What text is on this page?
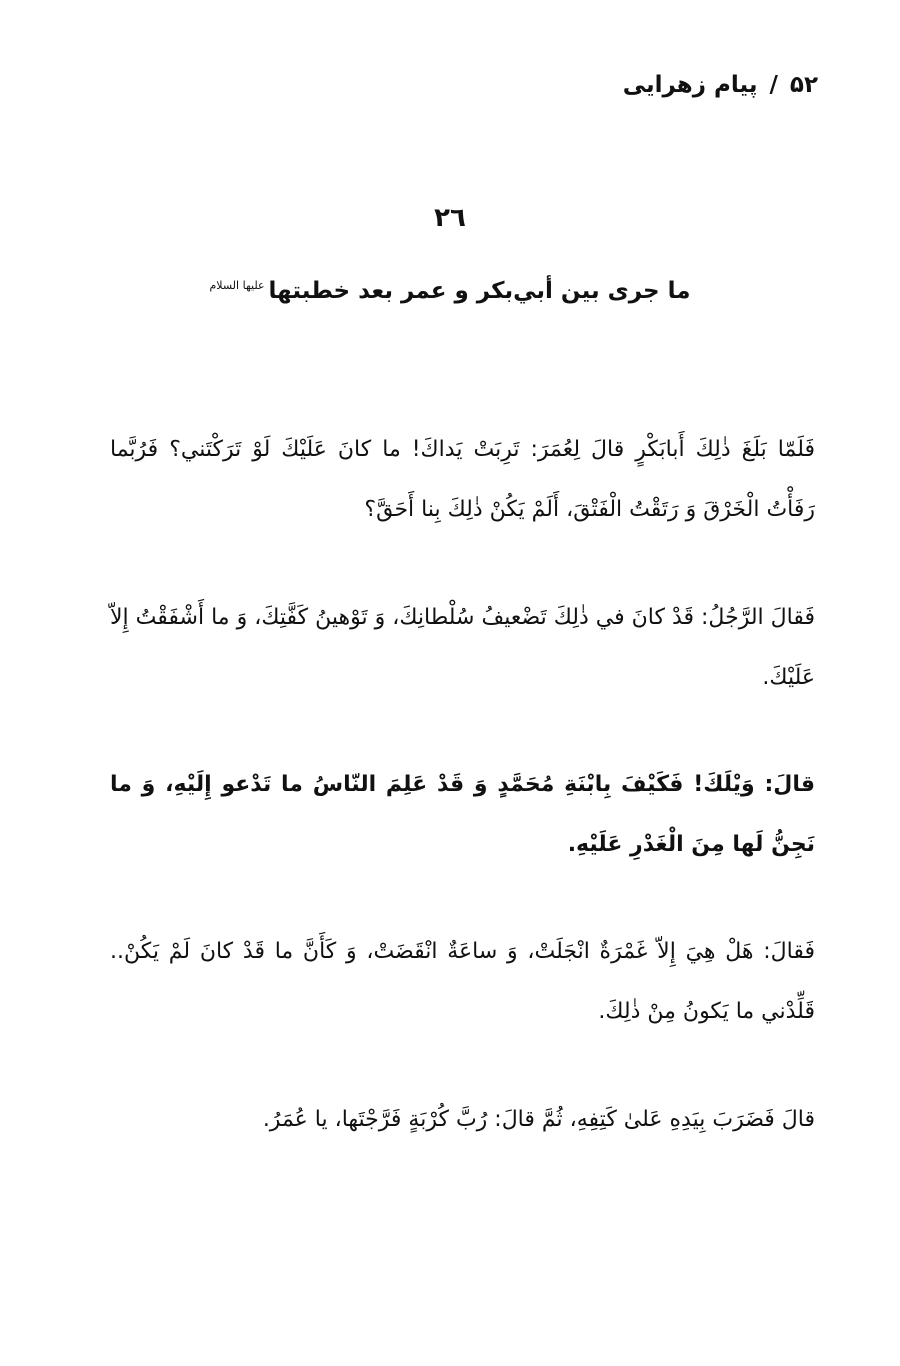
۵۲/پیام زهرایی
۲٦
ما جرى بين أبي‌بكر و عمر بعد خطبتها$^{عليها السلام}$

فَلَمّا بَلَغَ ذٰلِكَ أَبابَكْرٍ قالَ لِعُمَرَ: تَرِبَتْ يَداكَ! ما كانَ عَلَيْكَ لَوْ تَرَكْتَني؟ فَرُبَّما رَفَأْتُ الْخَرْقَ وَ رَتَقْتُ الْفَتْقَ، أَلَمْ يَكُنْ ذٰلِكَ بِنا أَحَقَّ؟

فَقالَ الرَّجُلُ: قَدْ كانَ في ذٰلِكَ تَضْعيفُ سُلْطانِكَ، وَ تَوْهينُ كَفَّتِكَ، وَ ما أَشْفَقْتُ إِلاّ عَلَيْكَ.

قالَ: وَيْلَكَ! فَكَيْفَ بِابْنَةِ مُحَمَّدٍ وَ قَدْ عَلِمَ النّاسُ ما تَدْعو إِلَيْهِ، وَ ما نَجِنُّ لَها مِنَ الْغَدْرِ عَلَيْهِ.

فَقالَ: هَلْ هِيَ إِلاّ غَمْرَةٌ انْجَلَتْ، وَ ساعَةٌ انْقَضَتْ، وَ كَأَنَّ ما قَدْ كانَ لَمْ يَكُنْ.. قَلِّدْني ما يَكونُ مِنْ ذٰلِكَ.

قالَ فَضَرَبَ بِيَدِهِ عَلىٰ كَتِفِهِ، ثُمَّ قالَ: رُبَّ كُرْبَةٍ فَرَّجْتَها، يا عُمَرُ.
